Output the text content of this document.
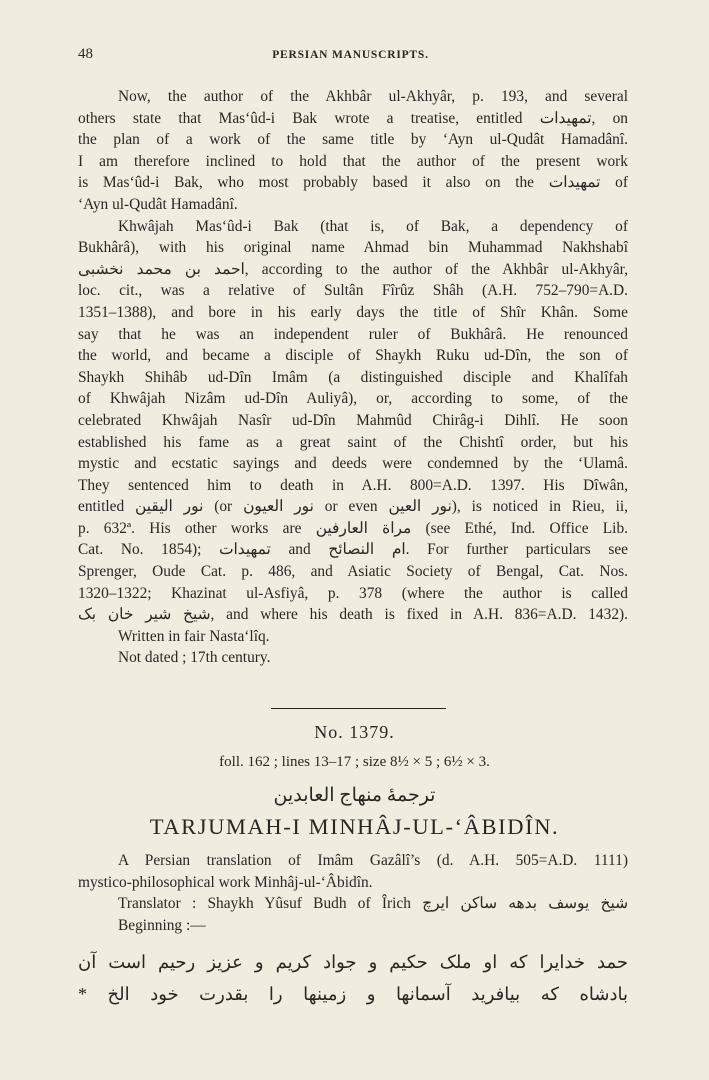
48	PERSIAN MANUSCRIPTS.
Now, the author of the Akhbâr ul-Akhyâr, p. 193, and several
others state that Mas‘ûd-i Bak wrote a treatise, entitled تمهیدات, on
the plan of a work of the same title by ‘Ayn ul-Qudât Hamadânî.
I am therefore inclined to hold that the author of the present work
is Mas‘ûd-i Bak, who most probably based it also on the تمهیدات of
‘Ayn ul-Qudât Hamadânî.
Khwâjah Mas‘ûd-i Bak (that is, of Bak, a dependency of
Bukhârâ), with his original name Ahmad bin Muhammad Nakhshabî
احمد بن محمد نخشبی, according to the author of the Akhbâr ul-Akhyâr,
loc. cit., was a relative of Sultân Fîrûz Shâh (A.H. 752–790=A.D.
1351–1388), and bore in his early days the title of Shîr Khân. Some
say that he was an independent ruler of Bukhârâ. He renounced
the world, and became a disciple of Shaykh Ruku ud-Dîn, the son of
Shaykh Shihâb ud-Dîn Imâm (a distinguished disciple and Khalîfah
of Khwâjah Nizâm ud-Dîn Auliyâ), or, according to some, of the
celebrated Khwâjah Nasîr ud-Dîn Mahmûd Chirâg-i Dihlî. He soon
established his fame as a great saint of the Chishtî order, but his
mystic and ecstatic sayings and deeds were condemned by the ‘Ulamâ.
They sentenced him to death in A.H. 800=A.D. 1397. His Dîwân,
entitled نور الیقین (or نور العیون or even نور العین), is noticed in Rieu, ii,
p. 632ª. His other works are مراة العارفین (see Ethé, Ind. Office Lib.
Cat. No. 1854); تمهیدات and ام النصائح. For further particulars see
Sprenger, Oude Cat. p. 486, and Asiatic Society of Bengal, Cat. Nos.
1320–1322; Khazinat ul-Asfiyâ, p. 378 (where the author is called
شیخ شیر خان بک, and where his death is fixed in A.H. 836=A.D. 1432).
Written in fair Nasta‘lîq.
Not dated ; 17th century.
No. 1379.
foll. 162 ; lines 13–17 ; size 8½ × 5 ; 6½ × 3.
ترجمهٔ منهاج العابدین
TARJUMAH-I MINHÂJ-UL-‘ÂBIDÎN.
A Persian translation of Imâm Gazâlî’s (d. A.H. 505=A.D. 1111)
mystico-philosophical work Minhâj-ul-‘Âbidîn.
Translator : Shaykh Yûsuf Budh of Îrich شیخ یوسف بدهه ساکن ایرچ
Beginning :—
حمد خدایرا که او ملک حکیم و جواد کریم و عزیز رحیم است آن
بادشاه که بیافرید آسمانها و زمینها را بقدرت خود الخ *
